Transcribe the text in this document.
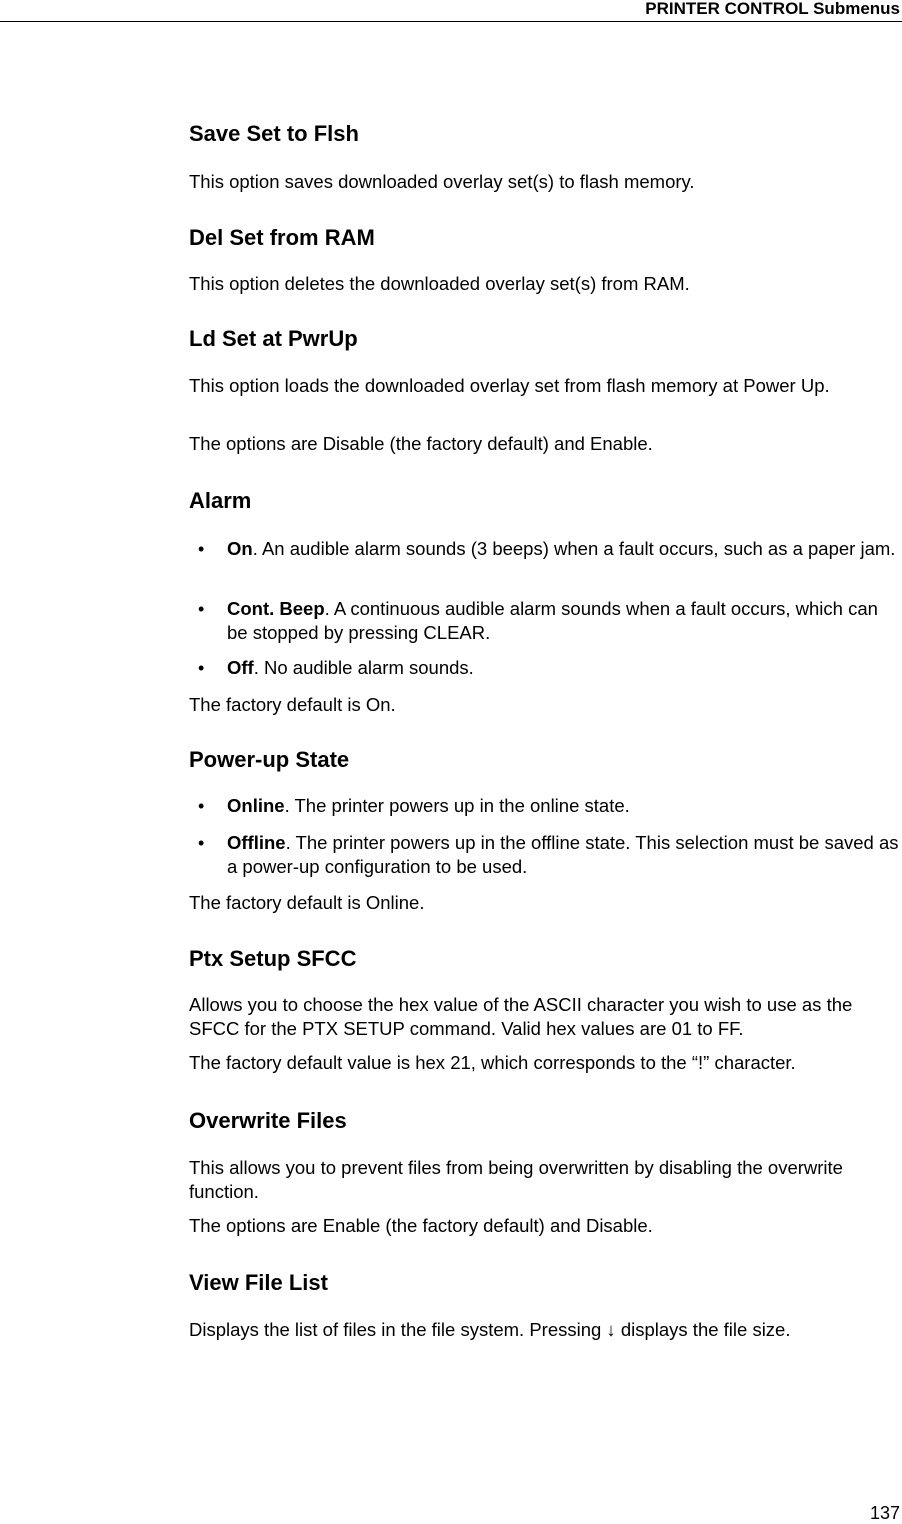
PRINTER CONTROL Submenus
Save Set to Flsh

This option saves downloaded overlay set(s) to flash memory.

Del Set from RAM

This option deletes the downloaded overlay set(s) from RAM.

Ld Set at PwrUp

This option loads the downloaded overlay set from flash memory at Power Up.

The options are Disable (the factory default) and Enable.

Alarm
• On. An audible alarm sounds (3 beeps) when a fault occurs, such as a paper jam.
• Cont. Beep. A continuous audible alarm sounds when a fault occurs, which can be stopped by pressing CLEAR.
• Off. No audible alarm sounds.

The factory default is On.

Power-up State
• Online. The printer powers up in the online state.
• Offline. The printer powers up in the offline state. This selection must be saved as a power-up configuration to be used.

The factory default is Online.

Ptx Setup SFCC

Allows you to choose the hex value of the ASCII character you wish to use as the SFCC for the PTX SETUP command. Valid hex values are 01 to FF.

The factory default value is hex 21, which corresponds to the “!” character.

Overwrite Files

This allows you to prevent files from being overwritten by disabling the overwrite function.

The options are Enable (the factory default) and Disable.

View File List

Displays the list of files in the file system. Pressing ↓ displays the file size.

137
